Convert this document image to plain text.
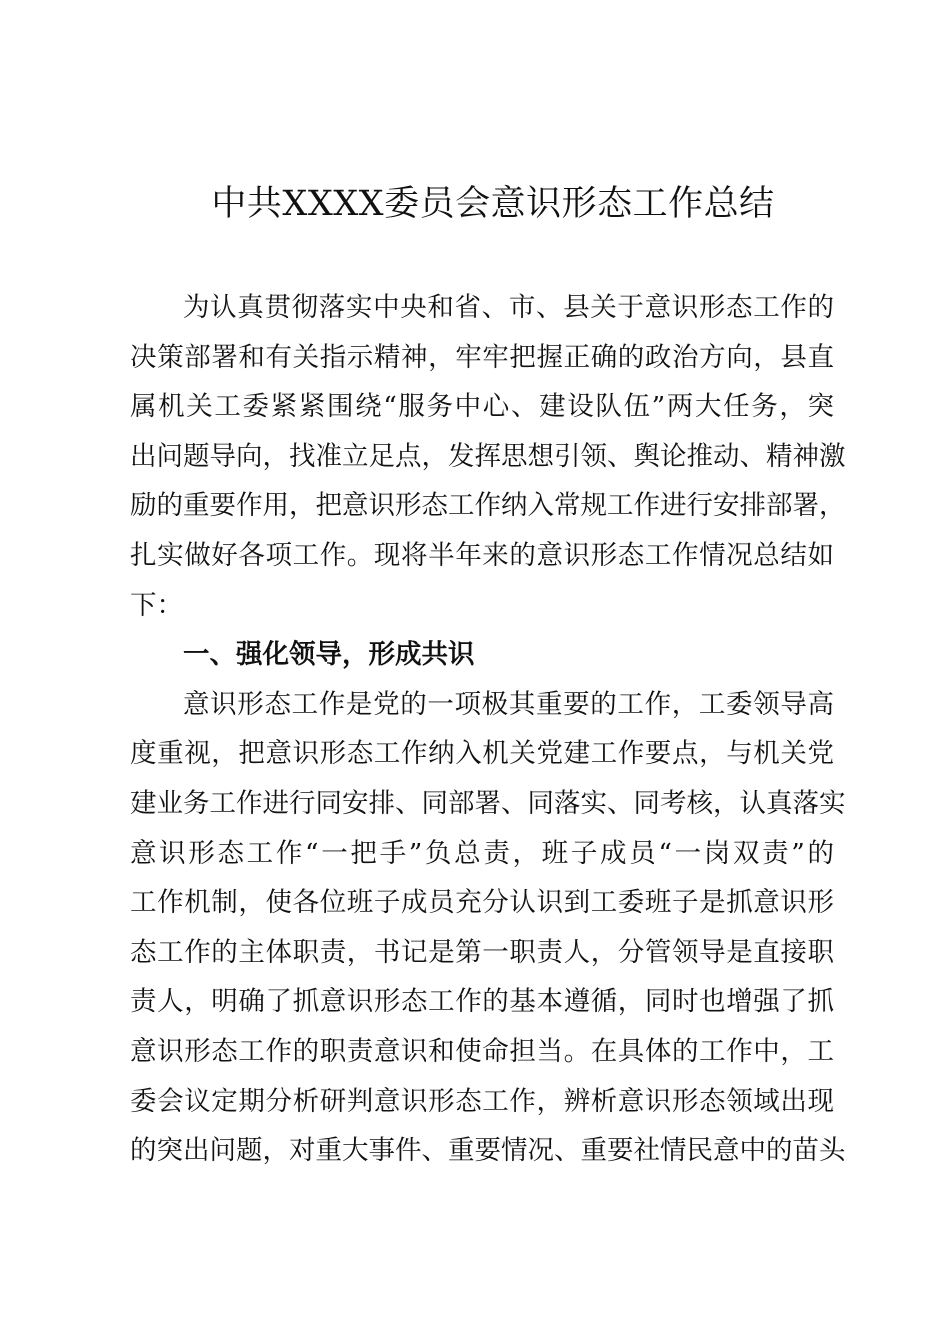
中共XXXX委员会意识形态工作总结
为认真贯彻落实中央和省、市、县关于意识形态工作的
决策部署和有关指示精神，牢牢把握正确的政治方向，县直
属机关工委紧紧围绕“服务中心、建设队伍”两大任务，突
出问题导向，找准立足点，发挥思想引领、舆论推动、精神激
励的重要作用，把意识形态工作纳入常规工作进行安排部署，
扎实做好各项工作。现将半年来的意识形态工作情况总结如
下：
一、强化领导，形成共识
意识形态工作是党的一项极其重要的工作，工委领导高
度重视，把意识形态工作纳入机关党建工作要点，与机关党
建业务工作进行同安排、同部署、同落实、同考核，认真落实
意识形态工作“一把手”负总责，班子成员“一岗双责”的
工作机制，使各位班子成员充分认识到工委班子是抓意识形
态工作的主体职责，书记是第一职责人，分管领导是直接职
责人，明确了抓意识形态工作的基本遵循，同时也增强了抓
意识形态工作的职责意识和使命担当。在具体的工作中，工
委会议定期分析研判意识形态工作，辨析意识形态领域出现
的突出问题，对重大事件、重要情况、重要社情民意中的苗头
